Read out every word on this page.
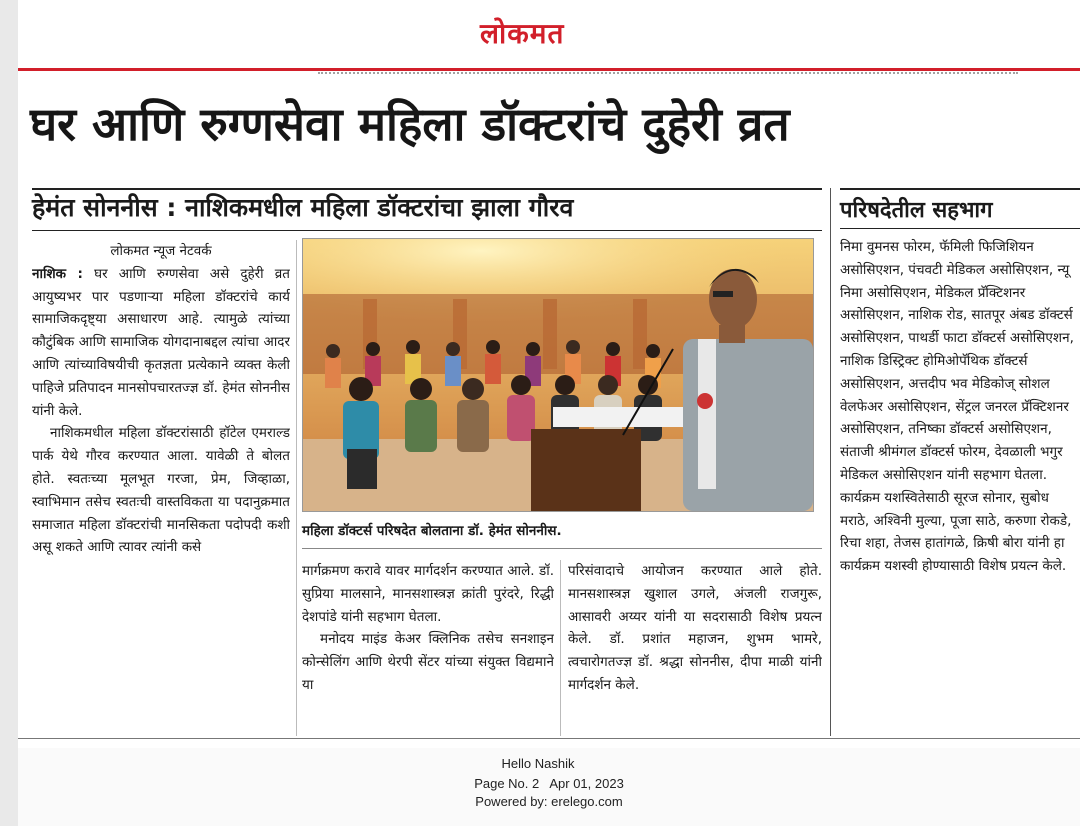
लोकमत
घर आणि रुग्णसेवा महिला डॉक्टरांचे दुहेरी व्रत
हेमंत सोननीस : नाशिकमधील महिला डॉक्टरांचा झाला गौरव	परिषदेतील सहभाग

लोकमत न्यूज नेटवर्क

नाशिक : घर आणि रुग्णसेवा असे दुहेरी व्रत आयुष्यभर पार पडणाऱ्या महिला डॉक्टरांचे कार्य सामाजिकदृष्ट्या असाधारण आहे. त्यामुळे त्यांच्या कौटुंबिक आणि सामाजिक योगदानाबद्दल त्यांचा आदर आणि त्यांच्याविषयीची कृतज्ञता प्रत्येकाने व्यक्त केली पाहिजे प्रतिपादन मानसोपचारतज्ज्ञ डॉ. हेमंत सोननीस यांनी केले.

नाशिकमधील महिला डॉक्टरांसाठी हॉटेल एमराल्ड पार्क येथे गौरव करण्यात आला. यावेळी ते बोलत होते. स्वतःच्या मूलभूत गरजा, प्रेम, जिव्हाळा, स्वाभिमान तसेच स्वतःची वास्तविकता या पदानुक्रमात समाजात महिला डॉक्टरांची मानसिकता पदोपदी कशी असू शकते आणि त्यावर त्यांनी कसे

महिला डॉक्टर्स परिषदेत बोलताना डॉ. हेमंत सोननीस.

मार्गक्रमण करावे यावर मार्गदर्शन करण्यात आले. डॉ. सुप्रिया मालसाने, मानसशास्त्रज्ञ क्रांती पुरंदरे, रिद्धी देशपांडे यांनी सहभाग घेतला.

मनोदय माइंड केअर क्लिनिक तसेच सनशाइन कोन्सेलिंग आणि थेरपी सेंटर यांच्या संयुक्त विद्यमाने या

परिसंवादाचे आयोजन करण्यात आले होते. मानसशास्त्रज्ञ खुशाल उगले, अंजली राजगुरू, आसावरी अय्यर यांनी या सदरासाठी विशेष प्रयत्न केले. डॉ. प्रशांत महाजन, शुभम भामरे, त्वचारोगतज्ज्ञ डॉ. श्रद्धा सोननीस, दीपा माळी यांनी मार्गदर्शन केले.

निमा वुमनस फोरम, फॅमिली फिजिशियन असोसिएशन, पंचवटी मेडिकल असोसिएशन, न्यू निमा असोसिएशन, मेडिकल प्रॅक्टिशनर असोसिएशन, नाशिक रोड, सातपूर अंबड डॉक्टर्स असोसिएशन, पाथर्डी फाटा डॉक्टर्स असोसिएशन, नाशिक डिस्ट्रिक्ट होमिओपॅथिक डॉक्टर्स असोसिएशन, अत्तदीप भव मेडिकोज् सोशल वेलफेअर असोसिएशन, सेंट्रल जनरल प्रॅक्टिशनर असोसिएशन, तनिष्का डॉक्टर्स असोसिएशन, संताजी श्रीमंगल डॉक्टर्स फोरम, देवळाली भगुर मेडिकल असोसिएशन यांनी सहभाग घेतला. कार्यक्रम यशस्वितेसाठी सूरज सोनार, सुबोध मराठे, अश्विनी मुल्या, पूजा साठे, करुणा रोकडे, रिचा शहा, तेजस हातांगळे, क्रिषी बोरा यांनी हा कार्यक्रम यशस्वी होण्यासाठी विशेष प्रयत्न केले.

Hello Nashik
Page No. 2 Apr 01, 2023
Powered by: erelego.com
